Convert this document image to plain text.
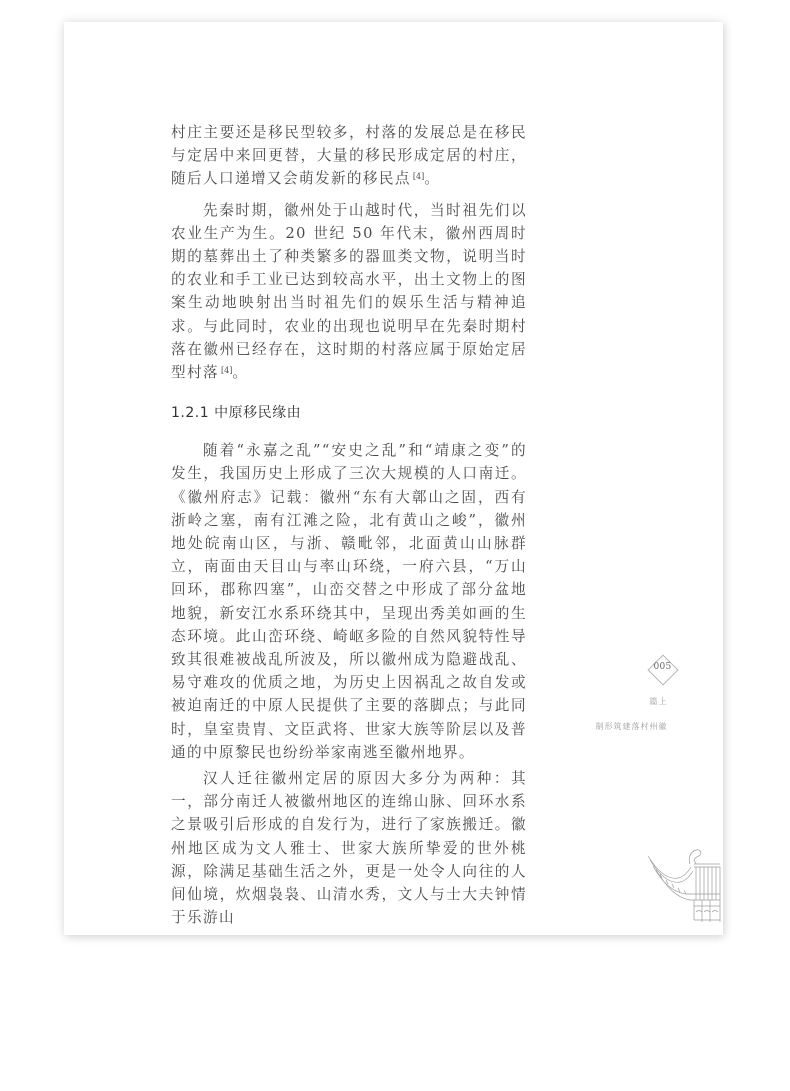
村庄主要还是移民型较多，村落的发展总是在移民与定居中来回更替，大量的移民形成定居的村庄，随后人口递增又会萌发新的移民点 [4]。

先秦时期，徽州处于山越时代，当时祖先们以农业生产为生。20 世纪 50 年代末，徽州西周时期的墓葬出土了种类繁多的器皿类文物，说明当时的农业和手工业已达到较高水平，出土文物上的图案生动地映射出当时祖先们的娱乐生活与精神追求。与此同时，农业的出现也说明早在先秦时期村落在徽州已经存在，这时期的村落应属于原始定居型村落 [4]。

1.2.1 中原移民缘由

随着“永嘉之乱”“安史之乱”和“靖康之变”的发生，我国历史上形成了三次大规模的人口南迁。《徽州府志》记载：徽州“东有大鄣山之固，西有浙岭之塞，南有江滩之险，北有黄山之峻”，徽州地处皖南山区，与浙、赣毗邻，北面黄山山脉群立，南面由天目山与率山环绕，一府六县，“万山回环，郡称四塞”，山峦交替之中形成了部分盆地地貌，新安江水系环绕其中，呈现出秀美如画的生态环境。此山峦环绕、崎岖多险的自然风貌特性导致其很难被战乱所波及，所以徽州成为隐避战乱、易守难攻的优质之地，为历史上因祸乱之故自发或被迫南迁的中原人民提供了主要的落脚点；与此同时，皇室贵胄、文臣武将、世家大族等阶层以及普通的中原黎民也纷纷举家南逃至徽州地界。

汉人迁往徽州定居的原因大多分为两种：其一，部分南迁人被徽州地区的连绵山脉、回环水系之景吸引后形成的自发行为，进行了家族搬迁。徽州地区成为文人雅士、世家大族所挚爱的世外桃源，除满足基础生活之外，更是一处令人向往的人间仙境，炊烟袅袅、山清水秀，文人与士大夫钟情于乐游山

005
上篇
徽州村落建筑形制
